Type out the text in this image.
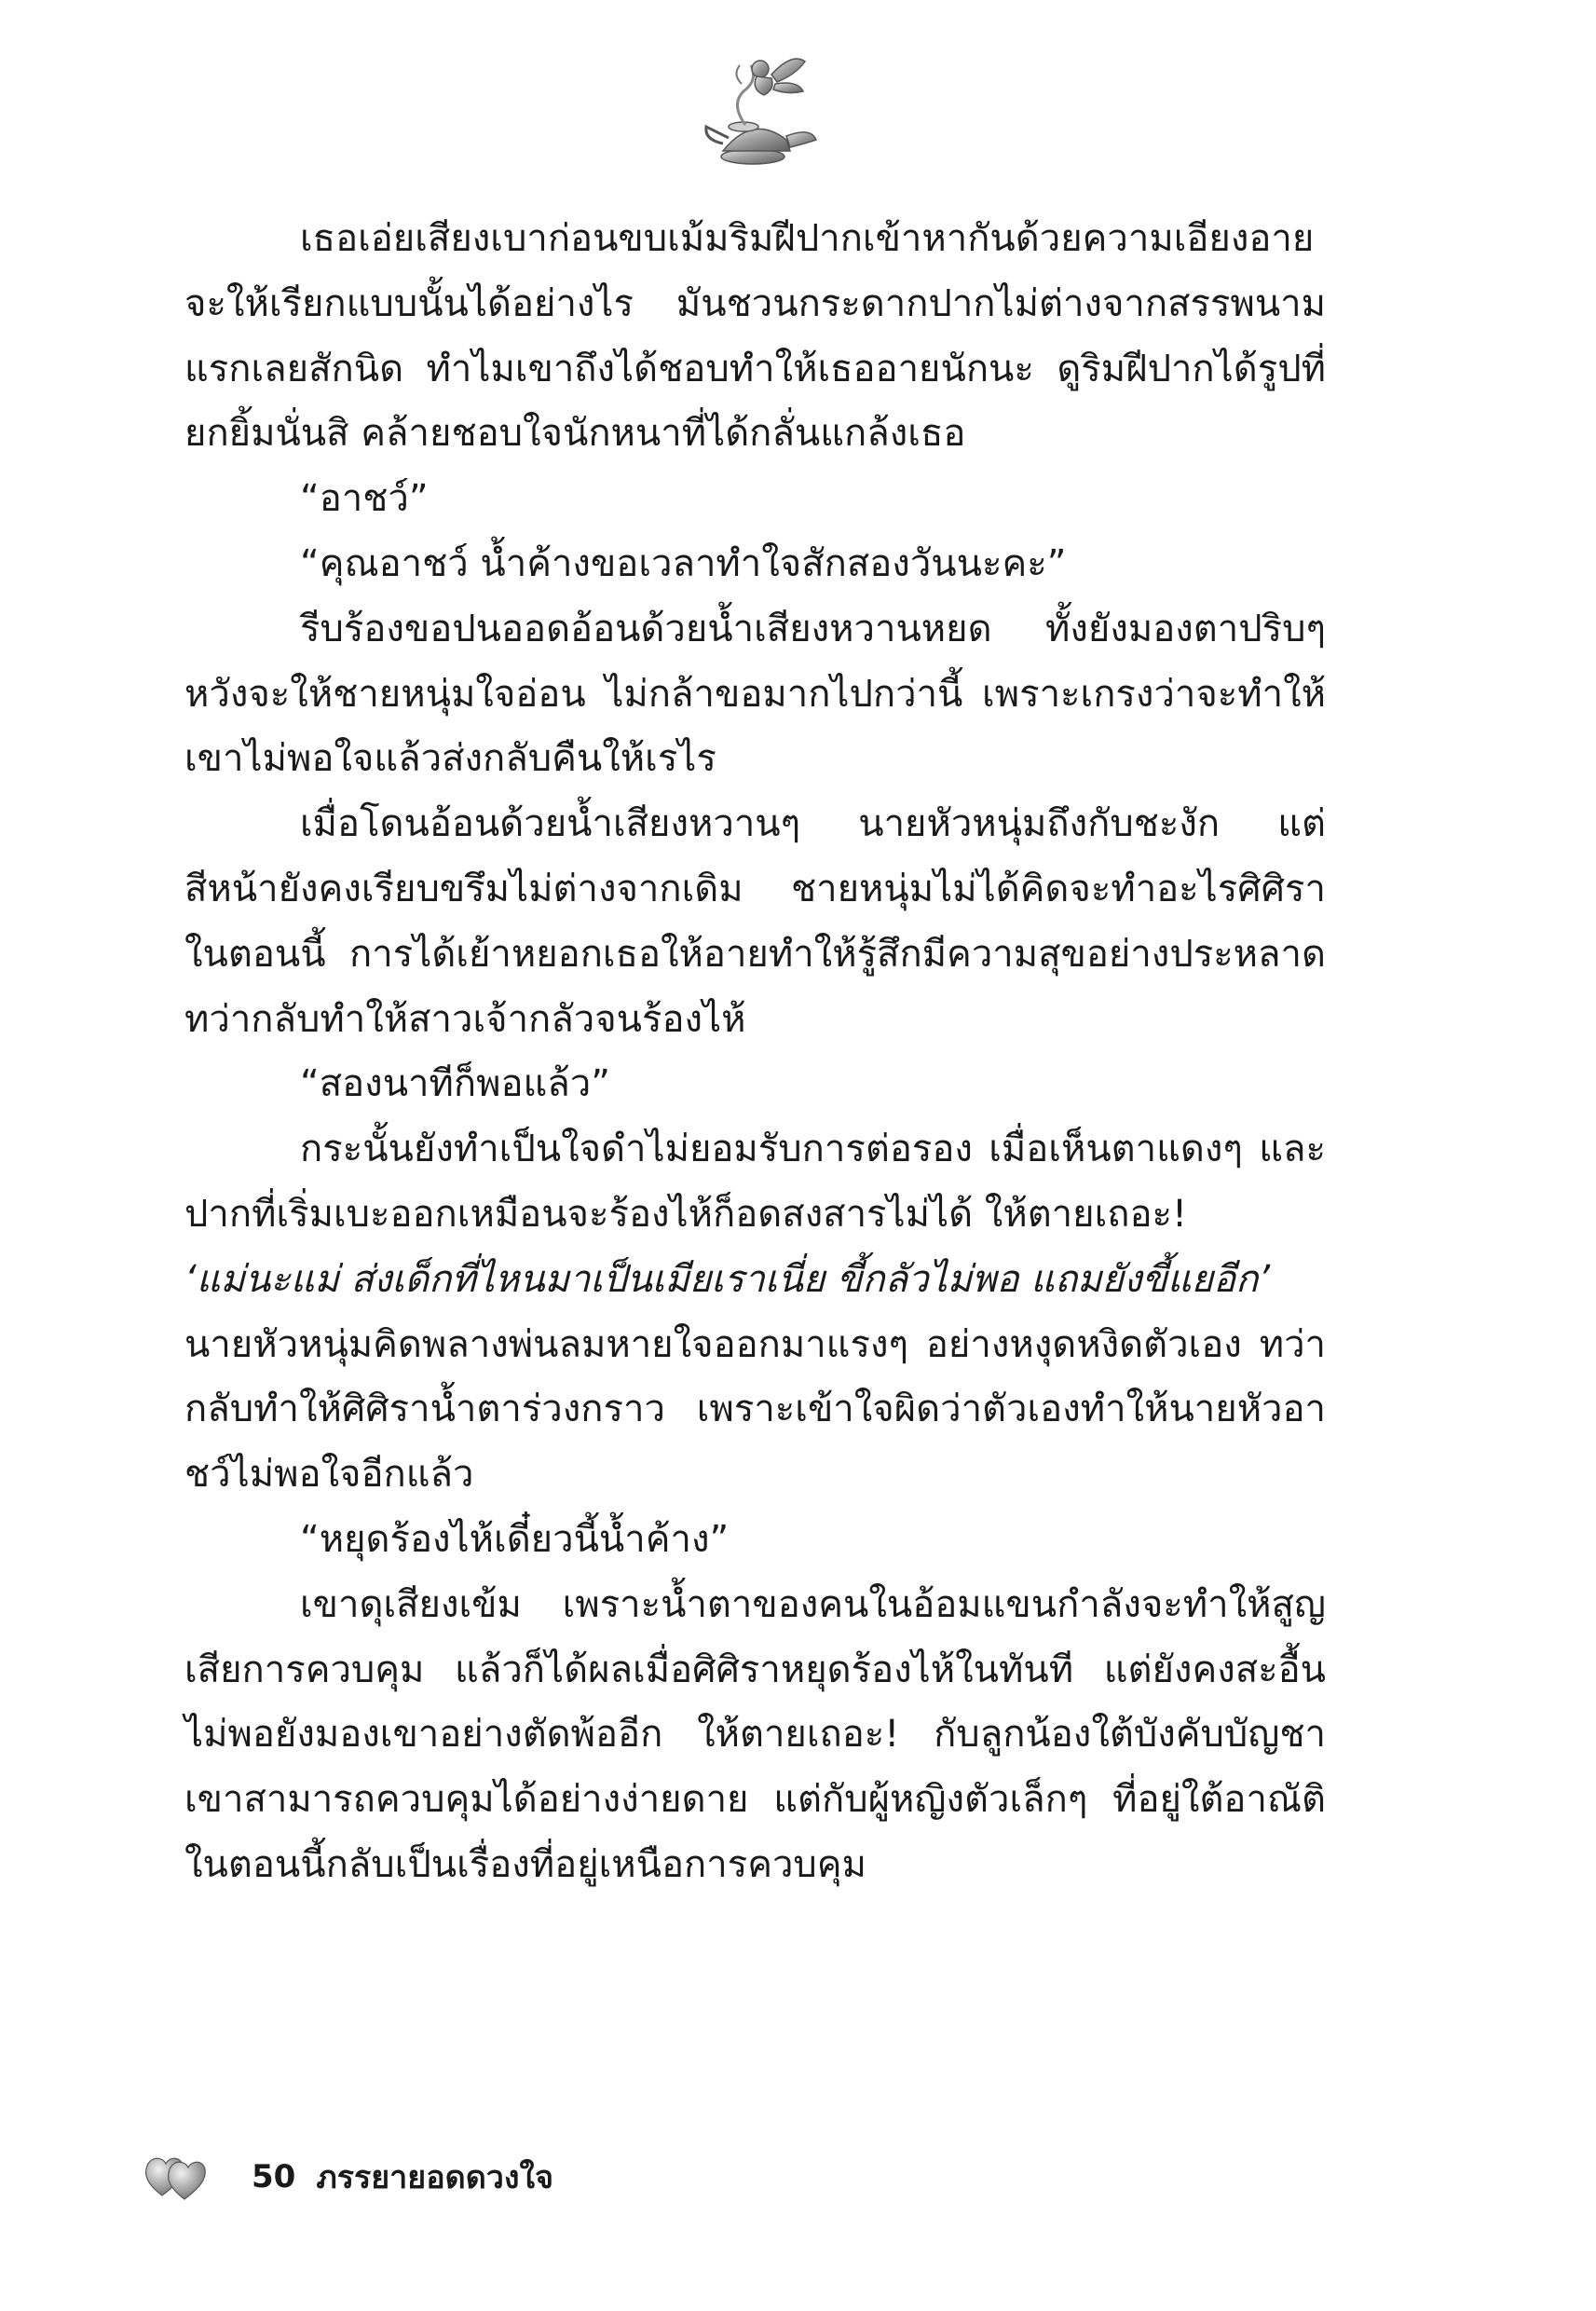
เธอเอ่ยเสียงเบาก่อนขบเม้มริมฝีปากเข้าหากันด้วยความเอียงอาย จะให้เรียกแบบนั้นได้อย่างไร มันชวนกระดากปากไม่ต่างจากสรรพนามแรกเลยสักนิด ทำไมเขาถึงได้ชอบทำให้เธออายนักนะ ดูริมฝีปากได้รูปที่ยกยิ้มนั่นสิ คล้ายชอบใจนักหนาที่ได้กลั่นแกล้งเธอ

“อาชว์”

“คุณอาชว์ น้ำค้างขอเวลาทำใจสักสองวันนะคะ”

รีบร้องขอปนออดอ้อนด้วยน้ำเสียงหวานหยด ทั้งยังมองตาปริบๆ หวังจะให้ชายหนุ่มใจอ่อน ไม่กล้าขอมากไปกว่านี้ เพราะเกรงว่าจะทำให้เขาไม่พอใจแล้วส่งกลับคืนให้เรไร

เมื่อโดนอ้อนด้วยน้ำเสียงหวานๆ นายหัวหนุ่มถึงกับชะงัก แต่สีหน้ายังคงเรียบขรึมไม่ต่างจากเดิม ชายหนุ่มไม่ได้คิดจะทำอะไรศิศิราในตอนนี้ การได้เย้าหยอกเธอให้อายทำให้รู้สึกมีความสุขอย่างประหลาด ทว่ากลับทำให้สาวเจ้ากลัวจนร้องไห้

“สองนาทีก็พอแล้ว”

กระนั้นยังทำเป็นใจดำไม่ยอมรับการต่อรอง เมื่อเห็นตาแดงๆ และปากที่เริ่มเบะออกเหมือนจะร้องไห้ก็อดสงสารไม่ได้ ให้ตายเถอะ!

‘แม่นะแม่ ส่งเด็กที่ไหนมาเป็นเมียเราเนี่ย ขี้กลัวไม่พอ แถมยังขี้แยอีก’

นายหัวหนุ่มคิดพลางพ่นลมหายใจออกมาแรงๆ อย่างหงุดหงิดตัวเอง ทว่ากลับทำให้ศิศิราน้ำตาร่วงกราว เพราะเข้าใจผิดว่าตัวเองทำให้นายหัวอาชว์ไม่พอใจอีกแล้ว

“หยุดร้องไห้เดี๋ยวนี้น้ำค้าง”

เขาดุเสียงเข้ม เพราะน้ำตาของคนในอ้อมแขนกำลังจะทำให้สูญเสียการควบคุม แล้วก็ได้ผลเมื่อศิศิราหยุดร้องไห้ในทันที แต่ยังคงสะอื้น ไม่พอยังมองเขาอย่างตัดพ้ออีก ให้ตายเถอะ! กับลูกน้องใต้บังคับบัญชาเขาสามารถควบคุมได้อย่างง่ายดาย แต่กับผู้หญิงตัวเล็กๆ ที่อยู่ใต้อาณัติในตอนนี้กลับเป็นเรื่องที่อยู่เหนือการควบคุม

50 ภรรยายอดดวงใจ
